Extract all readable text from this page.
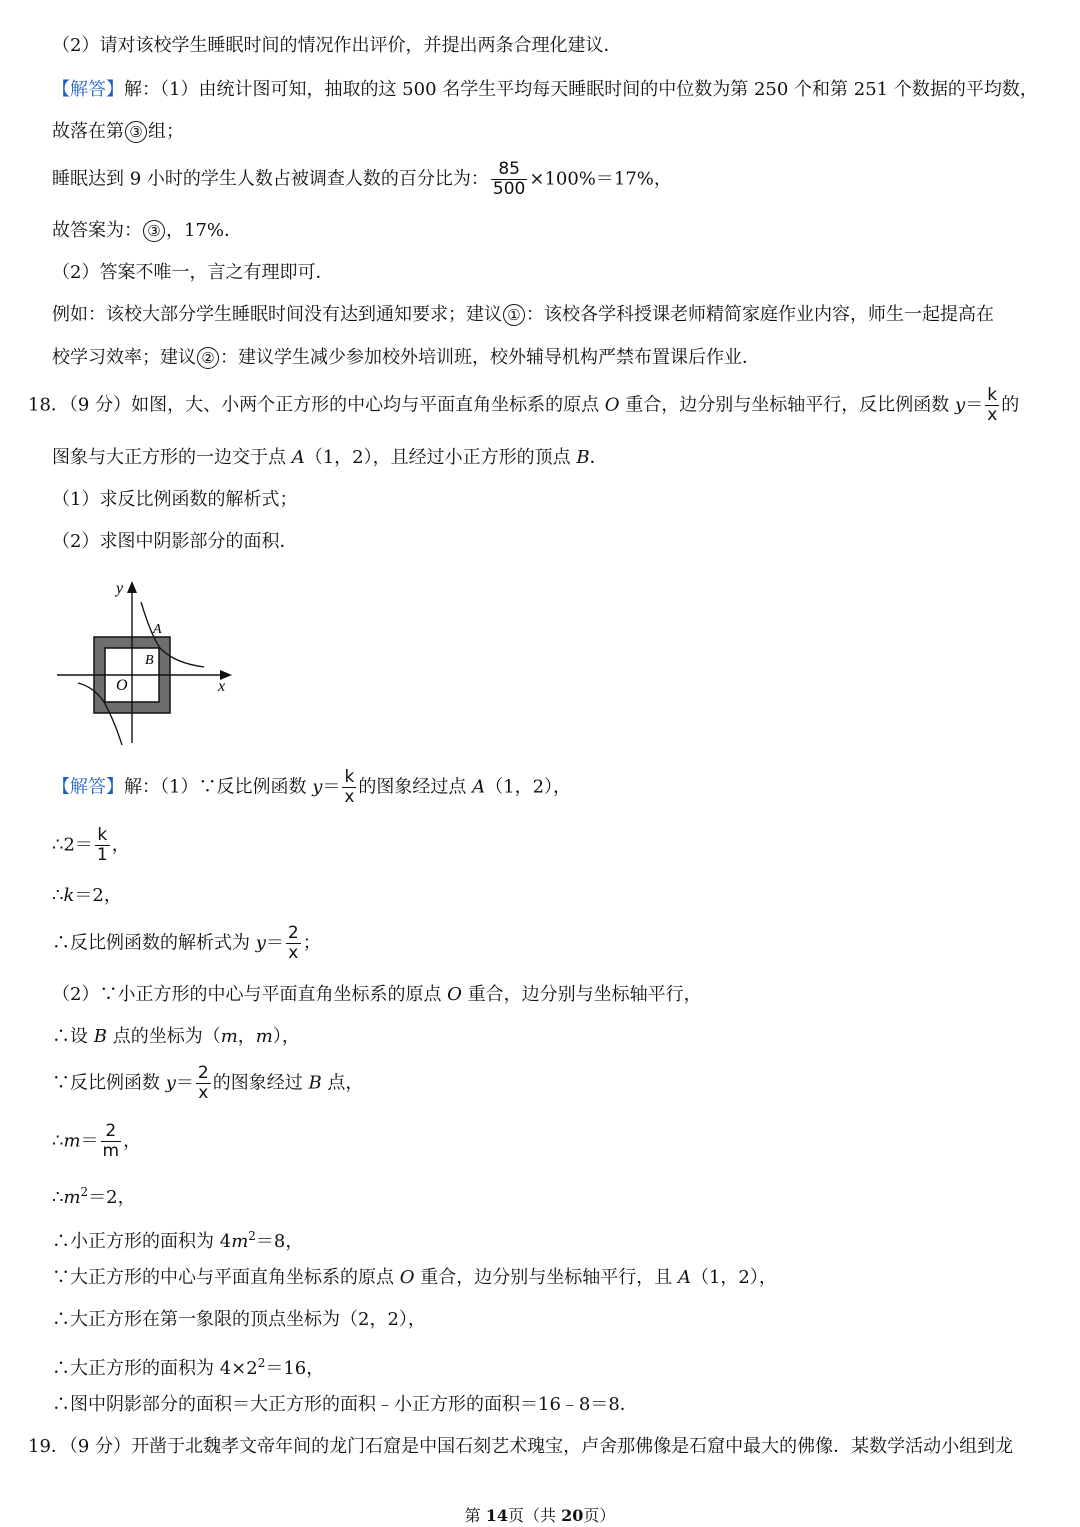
（2）请对该校学生睡眠时间的情况作出评价，并提出两条合理化建议．
【解答】解：（1）由统计图可知，抽取的这 500 名学生平均每天睡眠时间的中位数为第 250 个和第 251 个数据的平均数，
故落在第 ③ 组；
睡眠达到 9 小时的学生人数占被调查人数的百分比为： $\frac{85}{500} \times 100\%=17\%$，
故答案为： ③ ，17%．
（2）答案不唯一，言之有理即可．
例如：该校大部分学生睡眠时间没有达到通知要求；建议 ① ：该校各学科授课老师精简家庭作业内容，师生一起提高在
校学习效率；建议 ② ：建议学生减少参加校外培训班，校外辅导机构严禁布置课后作业．
18．（9 分）如图，大、小两个正方形的中心均与平面直角坐标系的原点 O 重合，边分别与坐标轴平行，反比例函数 $y= \frac{k}{x}$ 的
图象与大正方形的一边交于点 A（1，2），且经过小正方形的顶点 B．
（1）求反比例函数的解析式；
（2）求图中阴影部分的面积．
y
x
O
A
B
【解答】解：（1）∵反比例函数 $y= \frac{k}{x}$ 的图象经过点 A（1，2），
∴2＝ $\frac{k}{1}$ ，
∴k＝2，
∴反比例函数的解析式为 $y= \frac{2}{x}$ ；
（2）∵小正方形的中心与平面直角坐标系的原点 O 重合，边分别与坐标轴平行，
∴设 B 点的坐标为（m，m），
∵反比例函数 $y= \frac{2}{x}$ 的图象经过 B 点，
∴m＝ $\frac{2}{m}$ ，
$\therefore m^2=2$，
∴小正方形的面积为 $4m^2=8$，
∵大正方形的中心与平面直角坐标系的原点 O 重合，边分别与坐标轴平行，且 A（1，2），
∴大正方形在第一象限的顶点坐标为（2，2），
∴大正方形的面积为 $4\times 2^2=16$，
∴图中阴影部分的面积＝大正方形的面积﹣小正方形的面积＝16﹣8＝8．
19．（9 分）开凿于北魏孝文帝年间的龙门石窟是中国石刻艺术瑰宝，卢舍那佛像是石窟中最大的佛像．某数学活动小组到龙
第 14页（共 20页）
